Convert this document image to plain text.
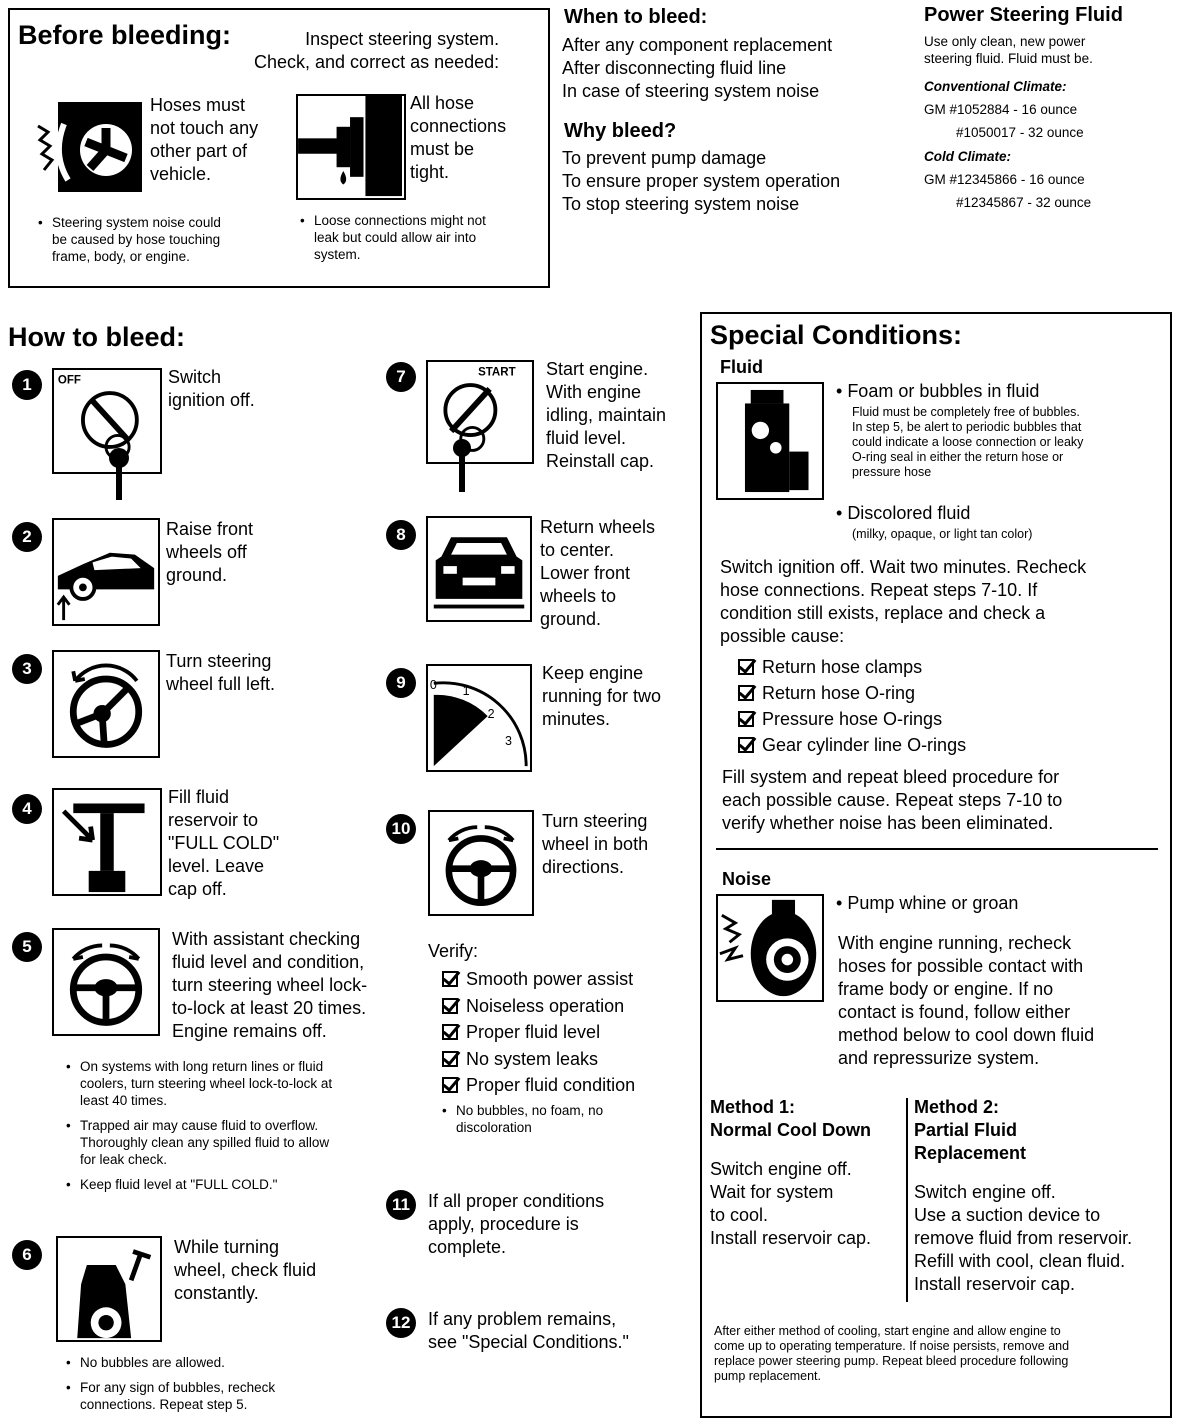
Before bleeding:	Inspect steering system.
Check, and correct as needed:
Hoses must
not touch any
other part of
vehicle.
All hose
connections
must be
tight.
• Steering system noise could
be caused by hose touching
frame, body, or engine.
• Loose connections might not
leak but could allow air into
system.
When to bleed:
After any component replacement
After disconnecting fluid line
In case of steering system noise
Why bleed?
To prevent pump damage
To ensure proper system operation
To stop steering system noise
Power Steering Fluid
Use only clean, new power
steering fluid. Fluid must be.
Conventional Climate:
GM #1052884 - 16 ounce
#1050017 - 32 ounce
Cold Climate:
GM #12345866 - 16 ounce
#12345867 - 32 ounce
How to bleed:
1	OFF	Switch
ignition off.
2	Raise front
wheels off
ground.
3	Turn steering
wheel full left.
4
Fill fluid
reservoir to
"FULL COLD"
level. Leave
cap off.
5	With assistant checking
fluid level and condition,
turn steering wheel lock-
to-lock at least 20 times.
Engine remains off.
• On systems with long return lines or fluid
coolers, turn steering wheel lock-to-lock at
least 40 times.
• Trapped air may cause fluid to overflow.
Thoroughly clean any spilled fluid to allow
for leak check.
• Keep fluid level at "FULL COLD."
6	While turning
wheel, check fluid
constantly.
• No bubbles are allowed.
• For any sign of bubbles, recheck
connections. Repeat step 5.
7	START Start engine.
With engine
idling, maintain
fluid level.
Reinstall cap.
8	Return wheels
to center.
Lower front
wheels to
ground.
9	0 1
2
3
Keep engine
running for two
minutes.
10	Turn steering
wheel in both
directions.
Verify:
Smooth power assist
Noiseless operation
Proper fluid level
No system leaks
Proper fluid condition
• No bubbles, no foam, no
discoloration
11	If all proper conditions
apply, procedure is
complete.
12 If any problem remains,
see "Special Conditions."
Special Conditions:
Fluid
• Foam or bubbles in fluid
Fluid must be completely free of bubbles.
In step 5, be alert to periodic bubbles that
could indicate a loose connection or leaky
O-ring seal in either the return hose or
pressure hose
• Discolored fluid
(milky, opaque, or light tan color)
Switch ignition off. Wait two minutes. Recheck
hose connections. Repeat steps 7-10. If
condition still exists, replace and check a
possible cause:
Return hose clamps
Return hose O-ring
Pressure hose O-rings
Gear cylinder line O-rings
Fill system and repeat bleed procedure for
each possible cause. Repeat steps 7-10 to
verify whether noise has been eliminated.
Noise
• Pump whine or groan
With engine running, recheck
hoses for possible contact with
frame body or engine. If no
contact is found, follow either
method below to cool down fluid
and repressurize system.
Method 1:
Normal Cool Down
Switch engine off.
Wait for system
to cool.
Install reservoir cap.
Method 2:
Partial Fluid
Replacement
Switch engine off.
Use a suction device to
remove fluid from reservoir.
Refill with cool, clean fluid.
Install reservoir cap.
After either method of cooling, start engine and allow engine to
come up to operating temperature. If noise persists, remove and
replace power steering pump. Repeat bleed procedure following
pump replacement.
